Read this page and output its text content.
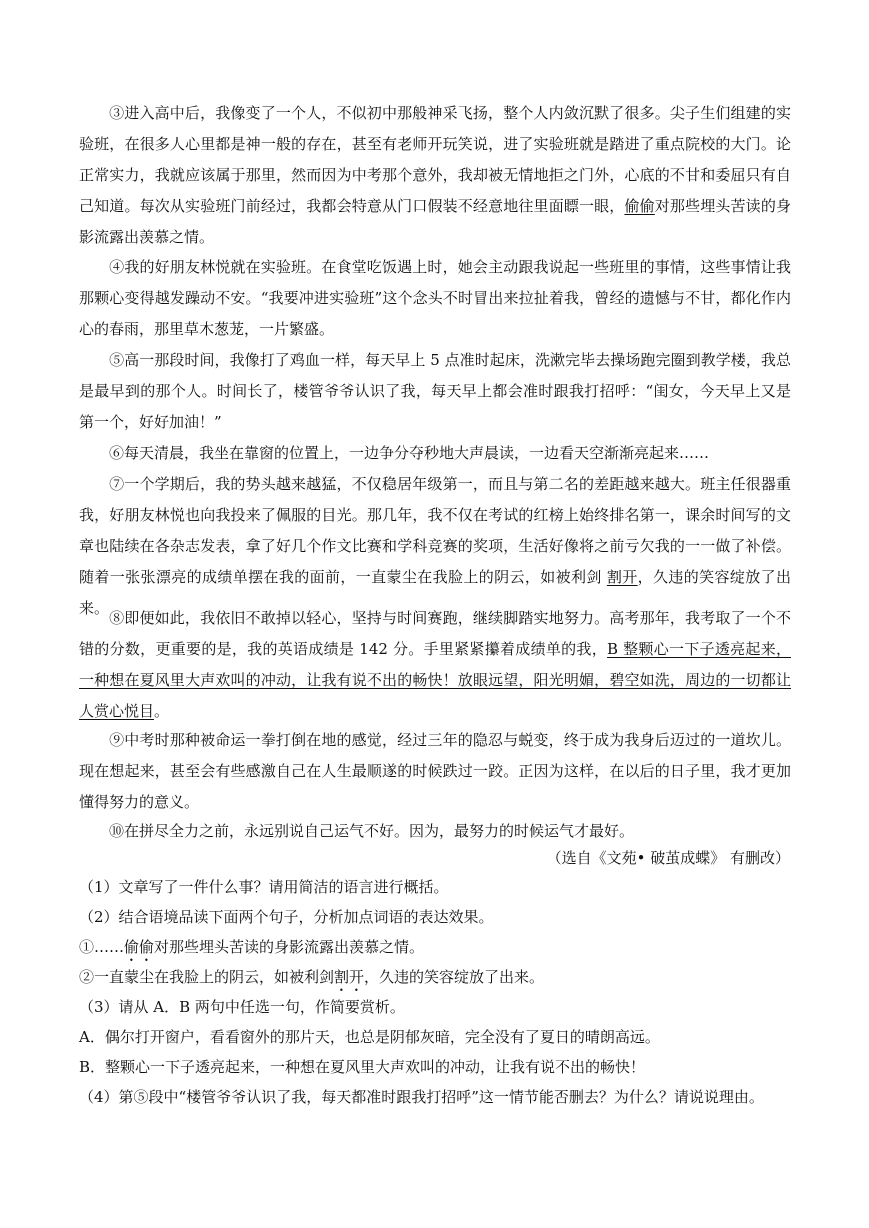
③进入高中后，我像变了一个人，不似初中那般神采飞扬，整个人内敛沉默了很多。尖子生们组建的实验班，在很多人心里都是神一般的存在，甚至有老师开玩笑说，进了实验班就是踏进了重点院校的大门。论正常实力，我就应该属于那里，然而因为中考那个意外，我却被无情地拒之门外，心底的不甘和委屈只有自己知道。每次从实验班门前经过，我都会特意从门口假装不经意地往里面瞟一眼，偷偷对那些埋头苦读的身影流露出羡慕之情。

④我的好朋友林悦就在实验班。在食堂吃饭遇上时，她会主动跟我说起一些班里的事情，这些事情让我那颗心变得越发躁动不安。“我要冲进实验班”这个念头不时冒出来拉扯着我，曾经的遗憾与不甘，都化作内心的春雨，那里草木葱茏，一片繁盛。

⑤高一那段时间，我像打了鸡血一样，每天早上 5 点准时起床，洗漱完毕去操场跑完圈到教学楼，我总是最早到的那个人。时间长了，楼管爷爷认识了我，每天早上都会准时跟我打招呼：“闺女，今天早上又是第一个，好好加油！”

⑥每天清晨，我坐在靠窗的位置上，一边争分夺秒地大声晨读，一边看天空渐渐亮起来……

⑦一个学期后，我的势头越来越猛，不仅稳居年级第一，而且与第二名的差距越来越大。班主任很器重我，好朋友林悦也向我投来了佩服的目光。那几年，我不仅在考试的红榜上始终排名第一，课余时间写的文章也陆续在各杂志发表，拿了好几个作文比赛和学科竞赛的奖项，生活好像将之前亏欠我的一一做了补偿。随着一张张漂亮的成绩单摆在我的面前，一直蒙尘在我脸上的阴云，如被利剑 割开，久违的笑容绽放了出来。

⑧即便如此，我依旧不敢掉以轻心，坚持与时间赛跑，继续脚踏实地努力。高考那年，我考取了一个不错的分数，更重要的是，我的英语成绩是 142 分。手里紧紧攥着成绩单的我，B 整颗心一下子透亮起来，一种想在夏风里大声欢叫的冲动，让我有说不出的畅快！放眼远望，阳光明媚，碧空如洗，周边的一切都让人赏心悦目。

⑨中考时那种被命运一拳打倒在地的感觉，经过三年的隐忍与蜕变，终于成为我身后迈过的一道坎儿。现在想起来，甚至会有些感激自己在人生最顺遂的时候跌过一跤。正因为这样，在以后的日子里，我才更加懂得努力的意义。

⑩在拼尽全力之前，永远别说自己运气不好。因为，最努力的时候运气才最好。

（选自《文苑• 破茧成蝶》 有删改）

（1）文章写了一件什么事？请用简洁的语言进行概括。

（2）结合语境品读下面两个句子，分析加点词语的表达效果。

①……偷偷对那些埋头苦读的身影流露出羡慕之情。

②一直蒙尘在我脸上的阴云，如被利剑割开，久违的笑容绽放了出来。

（3）请从 A．B 两句中任选一句，作简要赏析。

A．偶尔打开窗户，看看窗外的那片天，也总是阴郁灰暗，完全没有了夏日的晴朗高远。

B．整颗心一下子透亮起来，一种想在夏风里大声欢叫的冲动，让我有说不出的畅快！

（4）第⑤段中“楼管爷爷认识了我，每天都准时跟我打招呼”这一情节能否删去？为什么？请说说理由。
